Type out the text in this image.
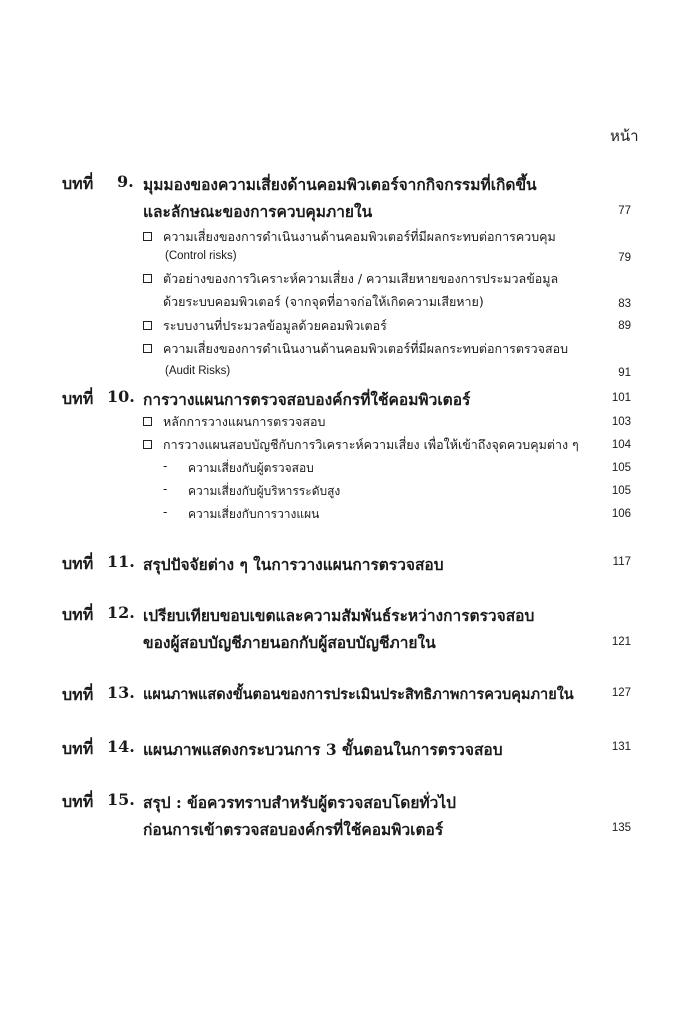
หน้า
บทที่ 9. มุมมองของความเสี่ยงด้านคอมพิวเตอร์จากกิจกรรมที่เกิดขึ้น
และลักษณะของการควบคุมภายใน	77
ความเสี่ยงของการดำเนินงานด้านคอมพิวเตอร์ที่มีผลกระทบต่อการควบคุม
(Control risks)	79
ตัวอย่างของการวิเคราะห์ความเสี่ยง / ความเสียหายของการประมวลข้อมูล
ด้วยระบบคอมพิวเตอร์ (จากจุดที่อาจก่อให้เกิดความเสียหาย)	83
ระบบงานที่ประมวลข้อมูลด้วยคอมพิวเตอร์	89
ความเสี่ยงของการดำเนินงานด้านคอมพิวเตอร์ที่มีผลกระทบต่อการตรวจสอบ
(Audit Risks)	91
บทที่ 10. การวางแผนการตรวจสอบองค์กรที่ใช้คอมพิวเตอร์	101
หลักการวางแผนการตรวจสอบ	103
การวางแผนสอบบัญชีกับการวิเคราะห์ความเสี่ยง เพื่อให้เข้าถึงจุดควบคุมต่าง ๆ	104
- ความเสี่ยงกับผู้ตรวจสอบ	105
- ความเสี่ยงกับผู้บริหารระดับสูง	105
- ความเสี่ยงกับการวางแผน	106
บทที่ 11. สรุปปัจจัยต่าง ๆ ในการวางแผนการตรวจสอบ	117
บทที่ 12. เปรียบเทียบขอบเขตและความสัมพันธ์ระหว่างการตรวจสอบ
ของผู้สอบบัญชีภายนอกกับผู้สอบบัญชีภายใน	121
บทที่ 13. แผนภาพแสดงขั้นตอนของการประเมินประสิทธิภาพการควบคุมภายใน	127
บทที่ 14. แผนภาพแสดงกระบวนการ 3 ขั้นตอนในการตรวจสอบ	131
บทที่ 15. สรุป : ข้อควรทราบสำหรับผู้ตรวจสอบโดยทั่วไป
ก่อนการเข้าตรวจสอบองค์กรที่ใช้คอมพิวเตอร์	135
